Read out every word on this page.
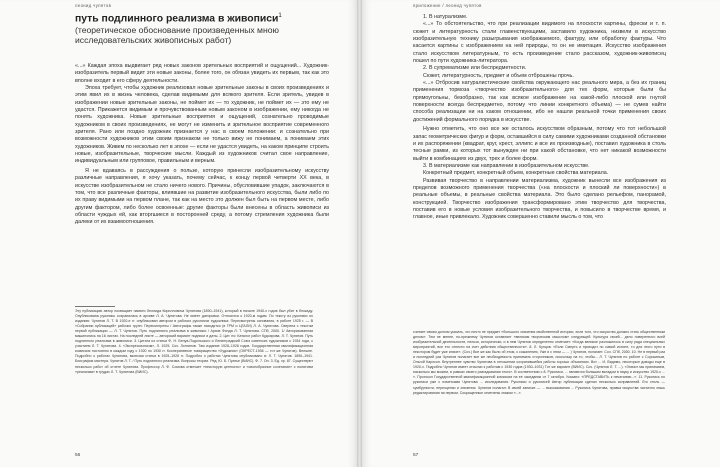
леонид чупятов
путь подлинного реализма в живописи$^1$
(теоретическое обоснование произведенных мною исследовательских живописных работ)

«...» Каждая эпоха выдвигает ряд новых законов зрительных восприятий и ощущений... Художник-изобразитель первый видит эти новые законы, более того, он обязан увидеть их первым, так как это вполне входит в его сферу деятельности.

Эпоха требует, чтобы художник реализовал новые зрительные законы в своих произведениях и этим явил их в жизнь человека, сделав видимыми для всякого зрителя. Если зритель, увидев в изображении новые зрительные законы, не поймет их — то художник, не поймет их — это ему не удастся. Прикажется видимым и прочувствованным новым законом в изображении, ему никогда не понять художника. Новые зрительные восприятия и ощущений, сознательно проводимые художником в своих произведениях, не могут не изменить и зрительное восприятие современного зрителя. Рано или поздно художник признается у нас в своем положении: и сознательно при возможности художников этим своим признаком не только вижу не понимаем, а понимаем этих художников. Живем по несколько лет в эпохе — если не удастся увидеть, на каком принципе строить новые, изобразительные, творческие мысли. Каждый из художников считал свое направление, индивидуальным или групповое, правильным и верным.

Я не вдаваясь в рассуждения о пользе, которую принесли изобразительному искусству различные направления, я хочу указать, почему сейчас, к концу первой четверти XX века, в искусстве изобразительном не стало ничего нового. Причины, обусловившие упадок, заключаются в том, что все различные факторы, влиявшие на развитие изобразительного искусства, были либо по их праву видимыми на первом плане, так как на место это должен был быть на первом месте, либо другим фактором, либо более освоенные: другие факторы были внесены в область живописи из области чуждых ей, как вторгшиеся в посторонней среду, а потому стремления художника были далеки от их взаимоотношения.

Эту публикацию автор посвящает памяти Леонида Кирилловича Чупятова (1890–1941), который в начале 1940-х годов был убит в блокаду. Опубликована рукопись сохранилась в архиве Л. А. Чупятова. Не имеет датировки. Относится к 1920-м годам. По тексту из рукописи по изданию: Чупятов Л. Т. В 1920-е гг. опубликован автором в рабочих рукописях художника: Пересмотрены основания, в работе 1925 г. — В «Собрании публикаций» рабочих групп: Пересмотрены / Автографы также находятся (в ГРМ и ЦГАЛИ) Л. А. Чупятова. Сверена с текстом первой публикации — Л. Т. Чупятов. Путь подлинного реализма в живописи / Архив Фонда Л. Т. Чупятова. СПб, 2000. 1/ Авторизованная машинопись на 16 листах. На последней листе — авторский вариант подписи и даты. 2. Цит. по: Каталог работ Кудоярова. Л. Т. Чупятов. Путь подлинного реализма в живописи. 3. Цитата из статьи Ф. Н. Бенуа-Подольского и Ленинградский Союз советских художников с 1934 года, с участием Л. Т. Чупятова. 4. «Экспрессионизм», Л. 1925. Соч. Лонгинов. Там издание 1928–1926 годов. Государственная квалификационная комиссия постоянно в каждом году с 1920 по 1930 гг. Кооперативное товарищество «Художник» (ОКРЕСТ-1936 — тот же Чупятов). Внешне. Подробно о работах Чупятова, включая статьи в 1925–1926 гг. Подробно о работах Чупятова опубликовано в: Л. Т. Чупятов. 1890–1941. Биография мастера. Чупятов Л. Т. / Путь подлинного реализма. Вопросы теории. Ред. Ю. Б. Пуатье (ВИИС). Ф. 7. Оп. 3. Ед. хр. 87. Существуют несколько работ об отчете Чупятова. Профессор Л. Ф. Сомова отмечает «некоторую ценность» и «своеобразное сочетание» с понятием «реализма» в трудах Л. Т. Чупятова (ВИИС).
56
приложение / леонид чупятов

1. В натурализме.

«...» То обстоятельство, что при реализации видимого на плоскости картины, фрески и т. п. сюжет и литературность стали главенствующими, заставило художника, низвели в искусство изобразительную технику разыгрывания изображаемого, фактуру, или обработку фактуры. Что касается картины с изображением на ней природы, то он не имитация. Искусство изображения стало искусством литературным, то есть произведение стало рассказом, художник-живописец пошел по пути художника-литератора.

2. В супрематизме или беспредметности.

Сюжет, литературность, предмет и объем отброшены прочь.

«...» Отбросив натуралистические свойства окружающего нас реального мира, а без их границ применения тормоза «творчество изобразительного» для тех форм, которые были бы прямоугольны, безобразно, так как всякое изображение на какой-либо плоской или гнутой поверхности всегда беспредметно, потому что линии конкретного объема) — не сумев найти способа реализации ни на каком отношении, ибо не нашли реальной точки применения своих достижений формального порядка в искусстве.

Нужно отметить, что оно все же осталось искусством образным, потому что тот небольшой запас геометрических фигур и форм, оставшийся в силу самими художниками созданной обстановки и их распоряжении (квадрат, круг, крест, эллипс и все их производные), поставил художника в столь тесные рамки, из которых тот вынужден ни при какой обстановке, что нет никакой возможности выйти в комбинациях из двух, трех и более форм.

3. В материализме как направлении в изобразительном искусстве.

Конкретный предмет, конкретный объем, конкретные свойства материала.

Развивая творчество в направлении материализма, художник вынесли все изображения из пределов возможного применения творчества («на плоскости и плоский ли поверхности») в реальные объемы, в реальные свойства материала. Это было сделано рельефом, панорамой, конструкцией. Творчество изображения трансформировано этим творчество для творчества, поставив его в новые условия изобразительного творчества, и повысило в творчестве время, и главное, иные привлекало. Художник совершенно ставили мысль о том, что

считает своим долгом указать, что ничто не предает «большого значения свойственной истории, если того, что искусство должно стать общественным делом». Тем не менее, по-прежнему Чупятов оставляет «великим творческим смыслом» следующей. Культура своей... дело поверенного всей изобразительной деятельности, нельзя, исторически, и в нем Чупятов определенно отмечает: «Когда великое разложилось в силу ряда специальных мероприятий, все это отнести на счет действия общественности». 8. Л. Купцов. «Если Смерть и приходит по самой истине, то для этого пути в некотором будет уже иначе». (Соч.) Все же как было об этом, к сожалению, Уже и с этим — ... ) Чупятов, полагает. Соч. СПб, 2000. 10. Не в первый раз и последний раз Чупятов полагает все же необходимость принимать сторонников, поскольку на то, чтобы... Л. Т. Чупятов по работе с Сорокиным, Ольгой Карлсон. Внутреннее чувство Чупятова в отношении сохранившейся работы хорошо объяснимо. Вот ... И. Видимо, некоторые доводы еще в 1920-х. Подробно Чупятов имеет отсылки к работам с 1930 годов (1930–1931) Тот же вариант (ВИИС). Соч. (Чупятов Л. Т. ...). «Значит мы принимаем, насколько мы можем, в рамках своего разгадывания этого». В соответствии с 8. Рукописи, ... являются большим вкладом в науку и искусство 1920-х ... ». Протокол Государственной квалификационной комиссии на ее заседании от 7 октября. Указано: «ПРЕДСТАВИТЬ к печатанию...». 11. Рукопись по рукописи уже с пометками Чупятова ... исследования. Рукописи и рукописей Автор публикации сделал несколько исправлений. Его стиль — сумбурности, переоценки и значения. Чупятов полагал: В своей записке — ... высказывания ... Рукопись Чупятова, правка искусства частично лишь редактирования на первом. Сокращенные отмечены знаком «...».
57
